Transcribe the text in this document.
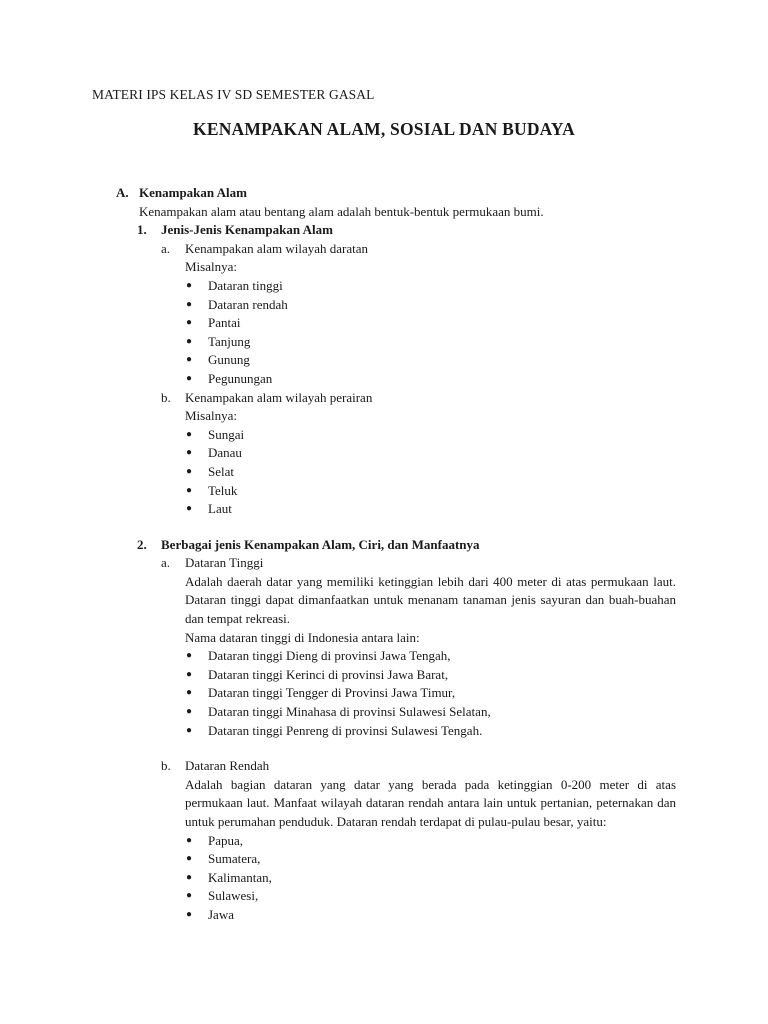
MATERI IPS KELAS IV SD SEMESTER GASAL

KENAMPAKAN ALAM, SOSIAL DAN BUDAYA
A. Kenampakan Alam
Kenampakan alam atau bentang alam adalah bentuk-bentuk permukaan bumi.
1. Jenis-Jenis Kenampakan Alam
a. Kenampakan alam wilayah daratan
Misalnya:
● Dataran tinggi
● Dataran rendah
● Pantai
● Tanjung
● Gunung
● Pegunungan
b. Kenampakan alam wilayah perairan
Misalnya:
● Sungai
● Danau
● Selat
● Teluk
● Laut
2. Berbagai jenis Kenampakan Alam, Ciri, dan Manfaatnya
a. Dataran Tinggi

Adalah daerah datar yang memiliki ketinggian lebih dari 400 meter di atas permukaan laut. Dataran tinggi dapat dimanfaatkan untuk menanam tanaman jenis sayuran dan buah-buahan dan tempat rekreasi.

Nama dataran tinggi di Indonesia antara lain:
● Dataran tinggi Dieng di provinsi Jawa Tengah,
● Dataran tinggi Kerinci di provinsi Jawa Barat,
● Dataran tinggi Tengger di Provinsi Jawa Timur,
● Dataran tinggi Minahasa di provinsi Sulawesi Selatan,
● Dataran tinggi Penreng di provinsi Sulawesi Tengah.
b. Dataran Rendah

Adalah bagian dataran yang datar yang berada pada ketinggian 0-200 meter di atas permukaan laut. Manfaat wilayah dataran rendah antara lain untuk pertanian, peternakan dan untuk perumahan penduduk. Dataran rendah terdapat di pulau-pulau besar, yaitu:

● Papua,
● Sumatera,
● Kalimantan,
● Sulawesi,
● Jawa
